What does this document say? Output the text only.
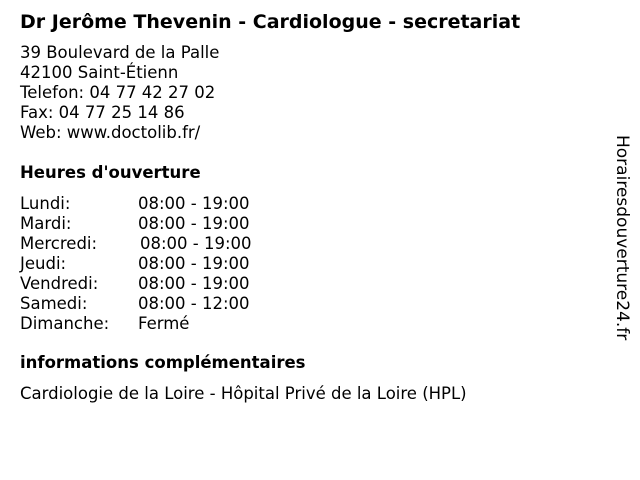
Dr Jerôme Thevenin - Cardiologue - secretariat
39 Boulevard de la Palle
42100 Saint-Étienn
Telefon: 04 77 42 27 02
Fax: 04 77 25 14 86
Web: www.doctolib.fr/
Heures d'ouverture
Lundi:	08:00 - 19:00
Mardi:	08:00 - 19:00
Mercredi:	08:00 - 19:00
Jeudi:	08:00 - 19:00
Vendredi: 08:00 - 19:00
Samedi:	08:00 - 12:00
Dimanche: Fermé
informations complémentaires
Cardiologie de la Loire - Hôpital Privé de la Loire (HPL)
Horairesdouverture24.fr
